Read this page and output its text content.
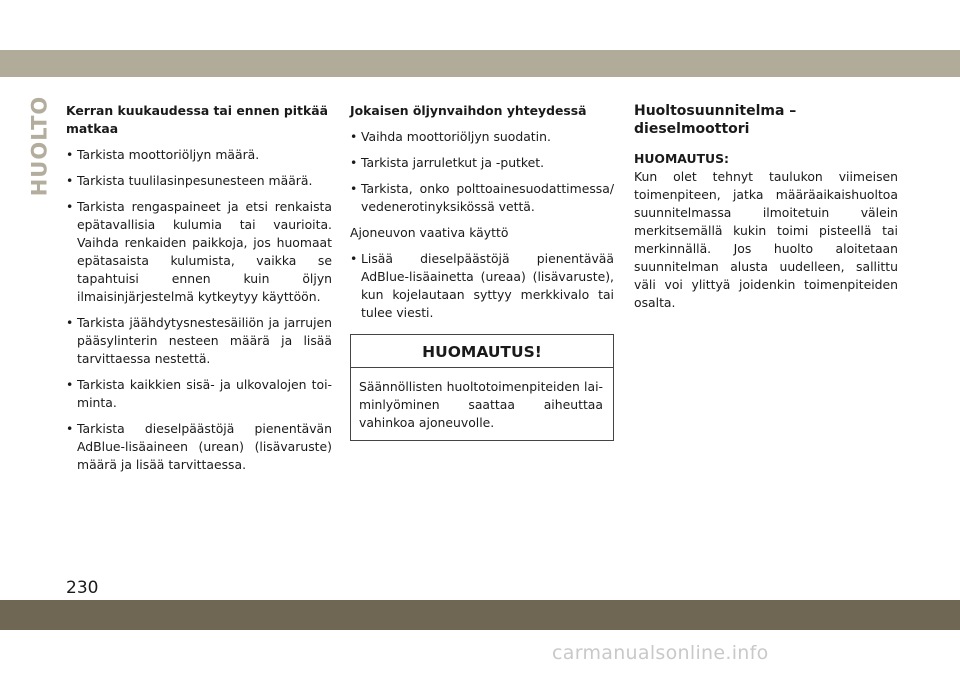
HUOLTO Kerran kuukaudessa tai ennen pitkää matkaa

• Tarkista moottoriöljyn määrä.

• Tarkista tuulilasinpesunesteen määrä.

• Tarkista rengaspaineet ja etsi renkaista epätavallisia kulumia tai vaurioita. Vaihda renkaiden paikkoja, jos huomaat epätasaista kulumista, vaikka se tapahtuisi ennen kuin öljyn ilmaisinjärjestelmä kytkeytyy käyttöön.

• Tarkista jäähdytysnestesäiliön ja jarrujen pääsylinterin nesteen määrä ja lisää tarvittaessa nestettä.

• Tarkista kaikkien sisä- ja ulkovalojen toiminta.

• Tarkista dieselpäästöjä pienentävän AdBlue-lisäaineen (urean) (lisävaruste) määrä ja lisää tarvittaessa.

Jokaisen öljynvaihdon yhteydessä

• Vaihda moottoriöljyn suodatin.

• Tarkista jarruletkut ja -putket.

• Tarkista, onko polttoainesuodattimessa/ vedenerotinyksikössä vettä.

Ajoneuvon vaativa käyttö

• Lisää dieselpäästöjä pienentävää AdBlue-lisäainetta (ureaa) (lisävaruste), kun kojelautaan syttyy merkkivalo tai tulee viesti.

HUOMAUTUS!
Säännöllisten huoltotoimenpiteiden laiminlyöminen saattaa aiheuttaa vahinkoa ajoneuvolle.

Huoltosuunnitelma – dieselmoottori

HUOMAUTUS:

Kun olet tehnyt taulukon viimeisen toimenpiteen, jatka määräaikaishuoltoa suunnitelmassa ilmoitetuin välein merkitsemällä kukin toimi pisteellä tai merkinnällä. Jos huolto aloitetaan suunnitelman alusta uudelleen, sallittu väli voi ylittyä joidenkin toimenpiteiden osalta.

230
carmanualsonline.info
